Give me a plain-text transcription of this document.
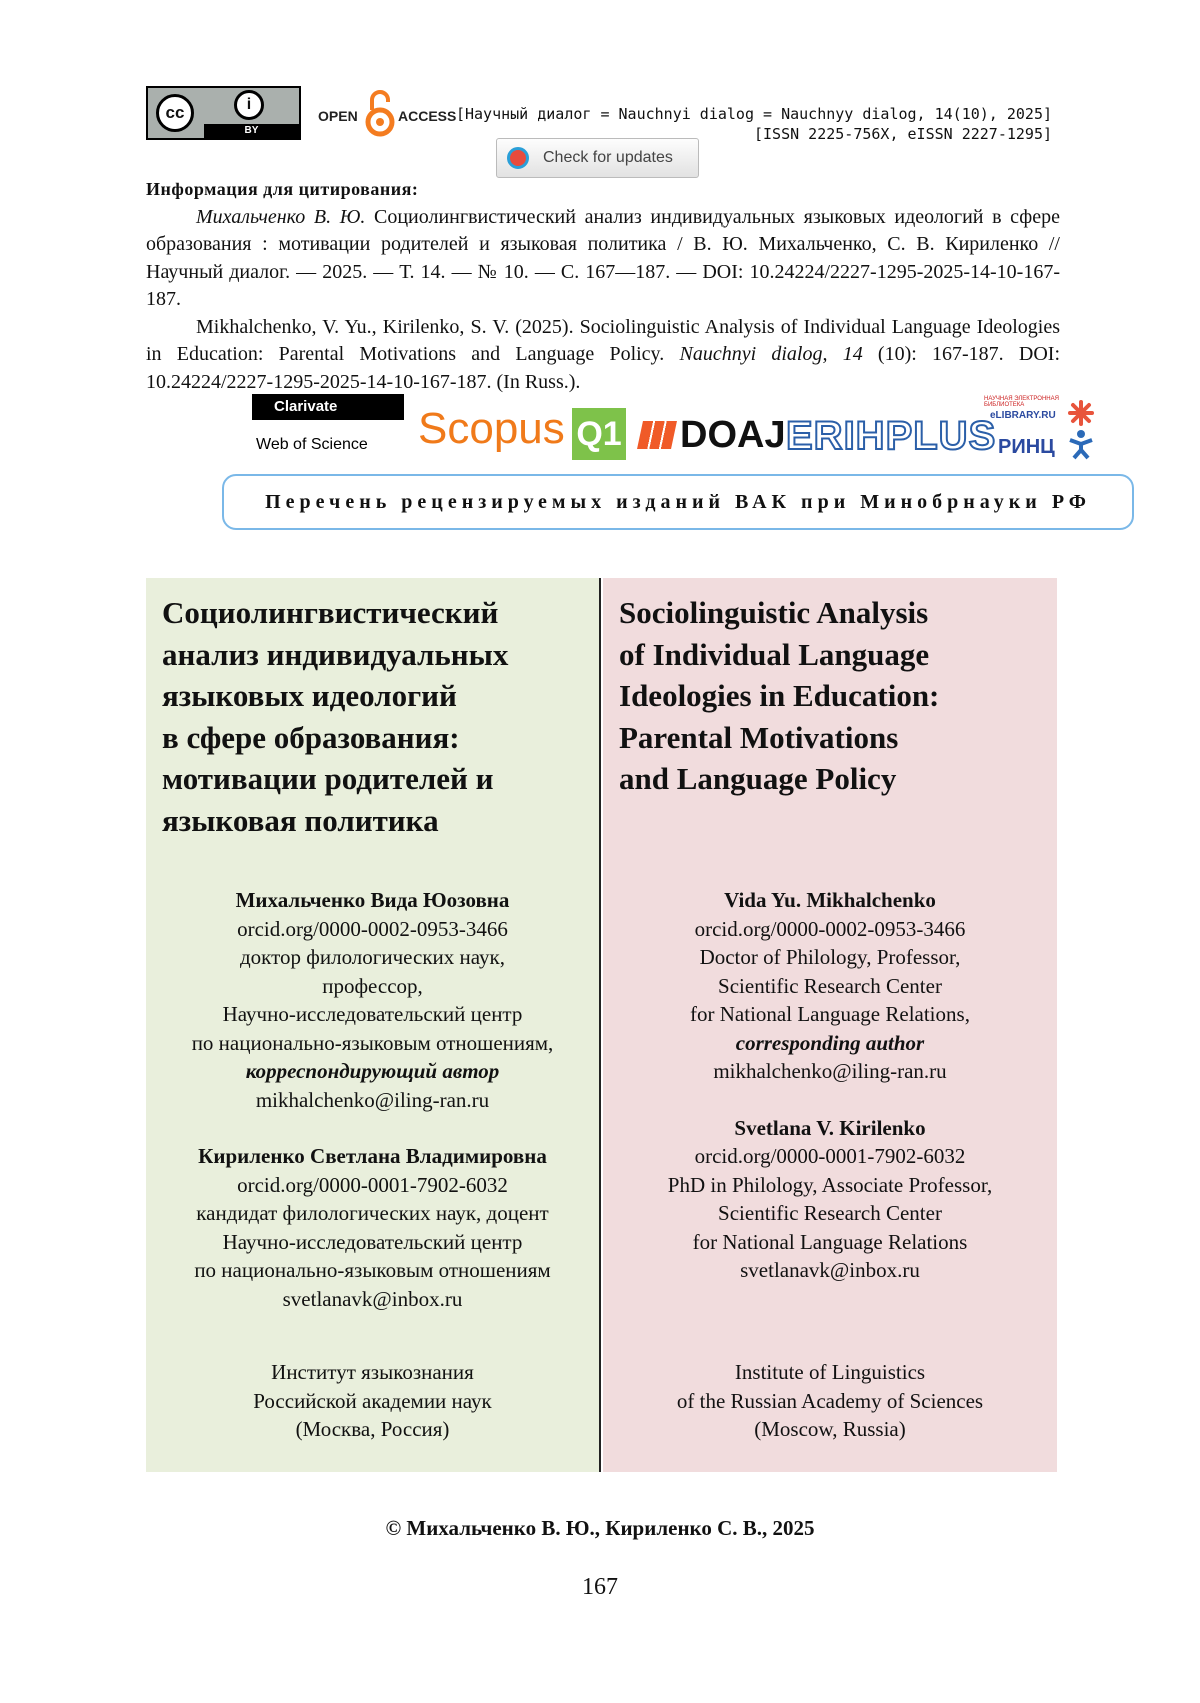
cc	i
BY
OPEN	ACCESS [Научный диалог = Nauchnyi dialog = Nauchnyy dialog, 14(10), 2025]
[ISSN 2225-756X, eISSN 2227-1295]
Check for updates

Информация для цитирования:

Михальченко В. Ю. Социолингвистический анализ индивидуальных языковых идеологий в сфере образования : мотивации родителей и языковая политика / В. Ю. Михальченко, С. В. Кириленко // Научный диалог. — 2025. — Т. 14. — № 10. — С. 167—187. — DOI: 10.24224/2227-1295-2025-14-10-167-187.

Mikhalchenko, V. Yu., Kirilenko, S. V. (2025). Sociolinguistic Analysis of Individual Language Ideologies in Education: Parental Motivations and Language Policy. Nauchnyi dialog, 14 (10): 167-187. DOI: 10.24224/2227-1295-2025-14-10-167-187. (In Russ.).

Clarivate
Web of Science Scopus Q1	DOAJ ERIHPLUS
НАУЧНАЯ ЭЛЕКТРОННАЯ БИБЛИОТЕКА
eLIBRARY.RU
РИНЦ
Перечень рецензируемых изданий ВАК при Минобрнауки РФ
Социолингвистический
анализ индивидуальных
языковых идеологий
в сфере образования:
мотивации родителей и
языковая политика
Михальченко Вида Юозовна
orcid.org/0000-0002-0953-3466
доктор филологических наук,
профессор,
Научно-исследовательский центр
по национально-языковым отношениям,
корреспондирующий автор
mikhalchenko@iling-ran.ru
Кириленко Светлана Владимировна
orcid.org/0000-0001-7902-6032
кандидат филологических наук, доцент
Научно-исследовательский центр
по национально-языковым отношениям
svetlanavk@inbox.ru
Институт языкознания
Российской академии наук
(Москва, Россия)
Sociolinguistic Analysis
of Individual Language
Ideologies in Education:
Parental Motivations
and Language Policy
Vida Yu. Mikhalchenko
orcid.org/0000-0002-0953-3466
Doctor of Philology, Professor,
Scientific Research Center
for National Language Relations,
corresponding author
mikhalchenko@iling-ran.ru
Svetlana V. Kirilenko
orcid.org/0000-0001-7902-6032
PhD in Philology, Associate Professor,
Scientific Research Center
for National Language Relations
svetlanavk@inbox.ru
Institute of Linguistics
of the Russian Academy of Sciences
(Moscow, Russia)
© Михальченко В. Ю., Кириленко С. В., 2025
167
